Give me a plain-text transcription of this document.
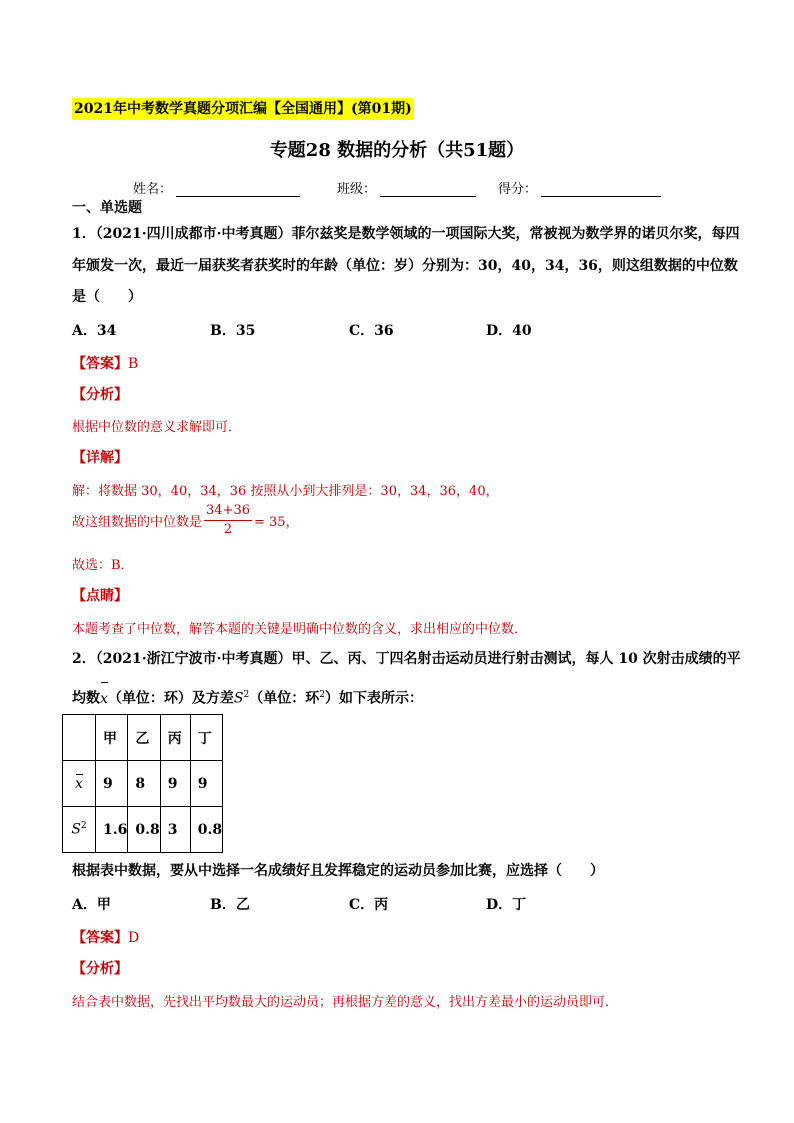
2021年中考数学真题分项汇编【全国通用】(第01期)
专题28 数据的分析（共51题）
姓名：	班级：	得分：
一、单选题
1．（2021·四川成都市·中考真题）菲尔兹奖是数学领域的一项国际大奖，常被视为数学界的诺贝尔奖，每四
年颁发一次，最近一届获奖者获奖时的年龄（单位：岁）分别为：30，40，34，36，则这组数据的中位数
是（　　）
A．34	B．35	C．36	D．40
【答案】B
【分析】
根据中位数的意义求解即可．
【详解】
解：将数据 30，40，34，36 按照从小到大排列是：30，34，36，40，
故这组数据的中位数是 $\frac{34+36}{2} = 35$，
故选：B．
【点睛】
本题考查了中位数，解答本题的关键是明确中位数的含义，求出相应的中位数．
2．（2021·浙江宁波市·中考真题）甲、乙、丙、丁四名射击运动员进行射击测试，每人 10 次射击成绩的平
均数x（单位：环）及方差$S^2$（单位：环$^2$）如下表所示：
	甲	乙	丙	丁
x	9	8	9	9
$S^2$	1.6	0.8	3	0.8
根据表中数据，要从中选择一名成绩好且发挥稳定的运动员参加比赛，应选择（　　）
A．甲	B．乙	C．丙	D．丁
【答案】D
【分析】
结合表中数据，先找出平均数最大的运动员；再根据方差的意义，找出方差最小的运动员即可．
